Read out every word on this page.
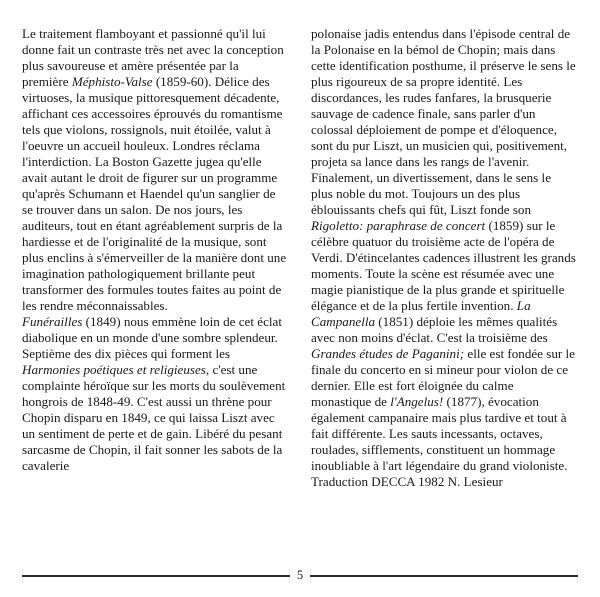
Le traitement flamboyant et passionné qu'il lui donne fait un contraste très net avec la conception plus savoureuse et amère présentée par la première Méphisto-Valse (1859-60). Délice des virtuoses, la musique pittoresquement décadente, affichant ces accessoires éprouvés du romantisme tels que violons, rossignols, nuit étoilée, valut à l'oeuvre un accueil houleux. Londres réclama l'interdiction. La Boston Gazette jugea qu'elle avait autant le droit de figurer sur un programme qu'après Schumann et Haendel qu'un sanglier de se trouver dans un salon. De nos jours, les auditeurs, tout en étant agréablement surpris de la hardiesse et de l'originalité de la musique, sont plus enclins à s'émerveiller de la manière dont une imagination pathologiquement brillante peut transformer des formules toutes faites au point de les rendre méconnaissables.

Funérailles (1849) nous emmène loin de cet éclat diabolique en un monde d'une sombre splendeur. Septième des dix pièces qui forment les Harmonies poétiques et religieuses, c'est une complainte héroïque sur les morts du soulèvement hongrois de 1848-49. C'est aussi un thrène pour Chopin disparu en 1849, ce qui laissa Liszt avec un sentiment de perte et de gain. Libéré du pesant sarcasme de Chopin, il fait sonner les sabots de la cavalerie

polonaise jadis entendus dans l'épisode central de la Polonaise en la bémol de Chopin; mais dans cette identification posthume, il préserve le sens le plus rigoureux de sa propre identité. Les discordances, les rudes fanfares, la brusquerie sauvage de cadence finale, sans parler d'un colossal déploiement de pompe et d'éloquence, sont du pur Liszt, un musicien qui, positivement, projeta sa lance dans les rangs de l'avenir. Finalement, un divertissement, dans le sens le plus noble du mot. Toujours un des plus éblouissants chefs qui fût, Liszt fonde son Rigoletto: paraphrase de concert (1859) sur le célèbre quatuor du troisième acte de l'opéra de Verdi. D'étincelantes cadences illustrent les grands moments. Toute la scène est résumée avec une magie pianistique de la plus grande et spirituelle élégance et de la plus fertile invention. La Campanella (1851) déploie les mêmes qualités avec non moins d'éclat. C'est la troisième des Grandes études de Paganini; elle est fondée sur le finale du concerto en si mineur pour violon de ce dernier. Elle est fort éloignée du calme monastique de l'Angelus! (1877), évocation également campanaire mais plus tardive et tout à fait différente. Les sauts incessants, octaves, roulades, sifflements, constituent un hommage inoubliable à l'art légendaire du grand violoniste.

Traduction DECCA 1982 N. Lesieur

5
